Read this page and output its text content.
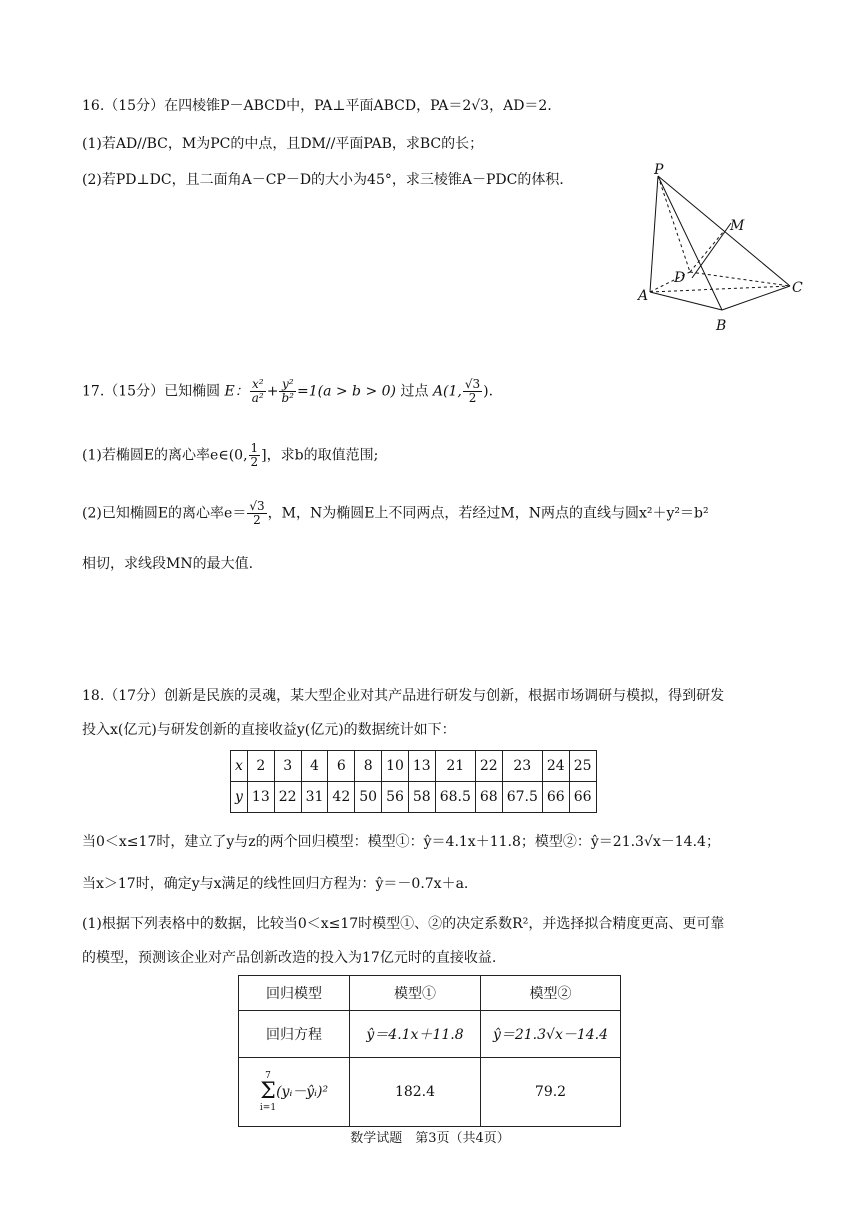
16.（15分）在四棱锥P－ABCD中，PA⊥平面ABCD，PA＝2√3，AD＝2．
(1)若AD//BC，M为PC的中点，且DM//平面PAB，求BC的长；
(2)若PD⊥DC，且二面角A－CP－D的大小为45°，求三棱锥A－PDC的体积．
P
M
D
A	C
B
17.（15分）已知椭圆 E： $\frac{\text{x²}}{\text{a²}} + \frac{\text{y²}}{\text{b²}} =1(a > b > 0)$ 过点 A(1, $\frac{√3}{2}$ ).
(1)若椭圆E的离心率e∈(0, $\frac{1}{2}$ ]，求b的取值范围;
(2)已知椭圆E的离心率$e= \frac{√3}{2}$ ，M，N为椭圆E上不同两点，若经过M，N两点的直线与圆x²＋y²＝b²
相切，求线段MN的最大值.
18.（17分）创新是民族的灵魂，某大型企业对其产品进行研发与创新，根据市场调研与模拟，得到研发
投入x(亿元)与研发创新的直接收益y(亿元)的数据统计如下：
x	2	3	4	6	8	10	13	21	22	23	24	25
y	13	22	31	42	50	56	58	68.5	68	67.5	66	66
当0＜x≤17时，建立了y与z的两个回归模型：模型①：ŷ＝4.1x＋11.8；模型②：ŷ＝21.3√x－14.4；
当x＞17时，确定y与x满足的线性回归方程为：ŷ＝－0.7x＋a.
(1)根据下列表格中的数据，比较当0＜x≤17时模型①、②的决定系数R²，并选择拟合精度更高、更可靠
的模型，预测该企业对产品创新改造的投入为17亿元时的直接收益.
回归模型	模型①	模型②
回归方程	ŷ＝4.1x＋11.8	ŷ＝21.3√x－14.4
7
Σ
i=1(yᵢ－ŷᵢ)²	182.4	79.2
数学试题　第3页（共4页）
